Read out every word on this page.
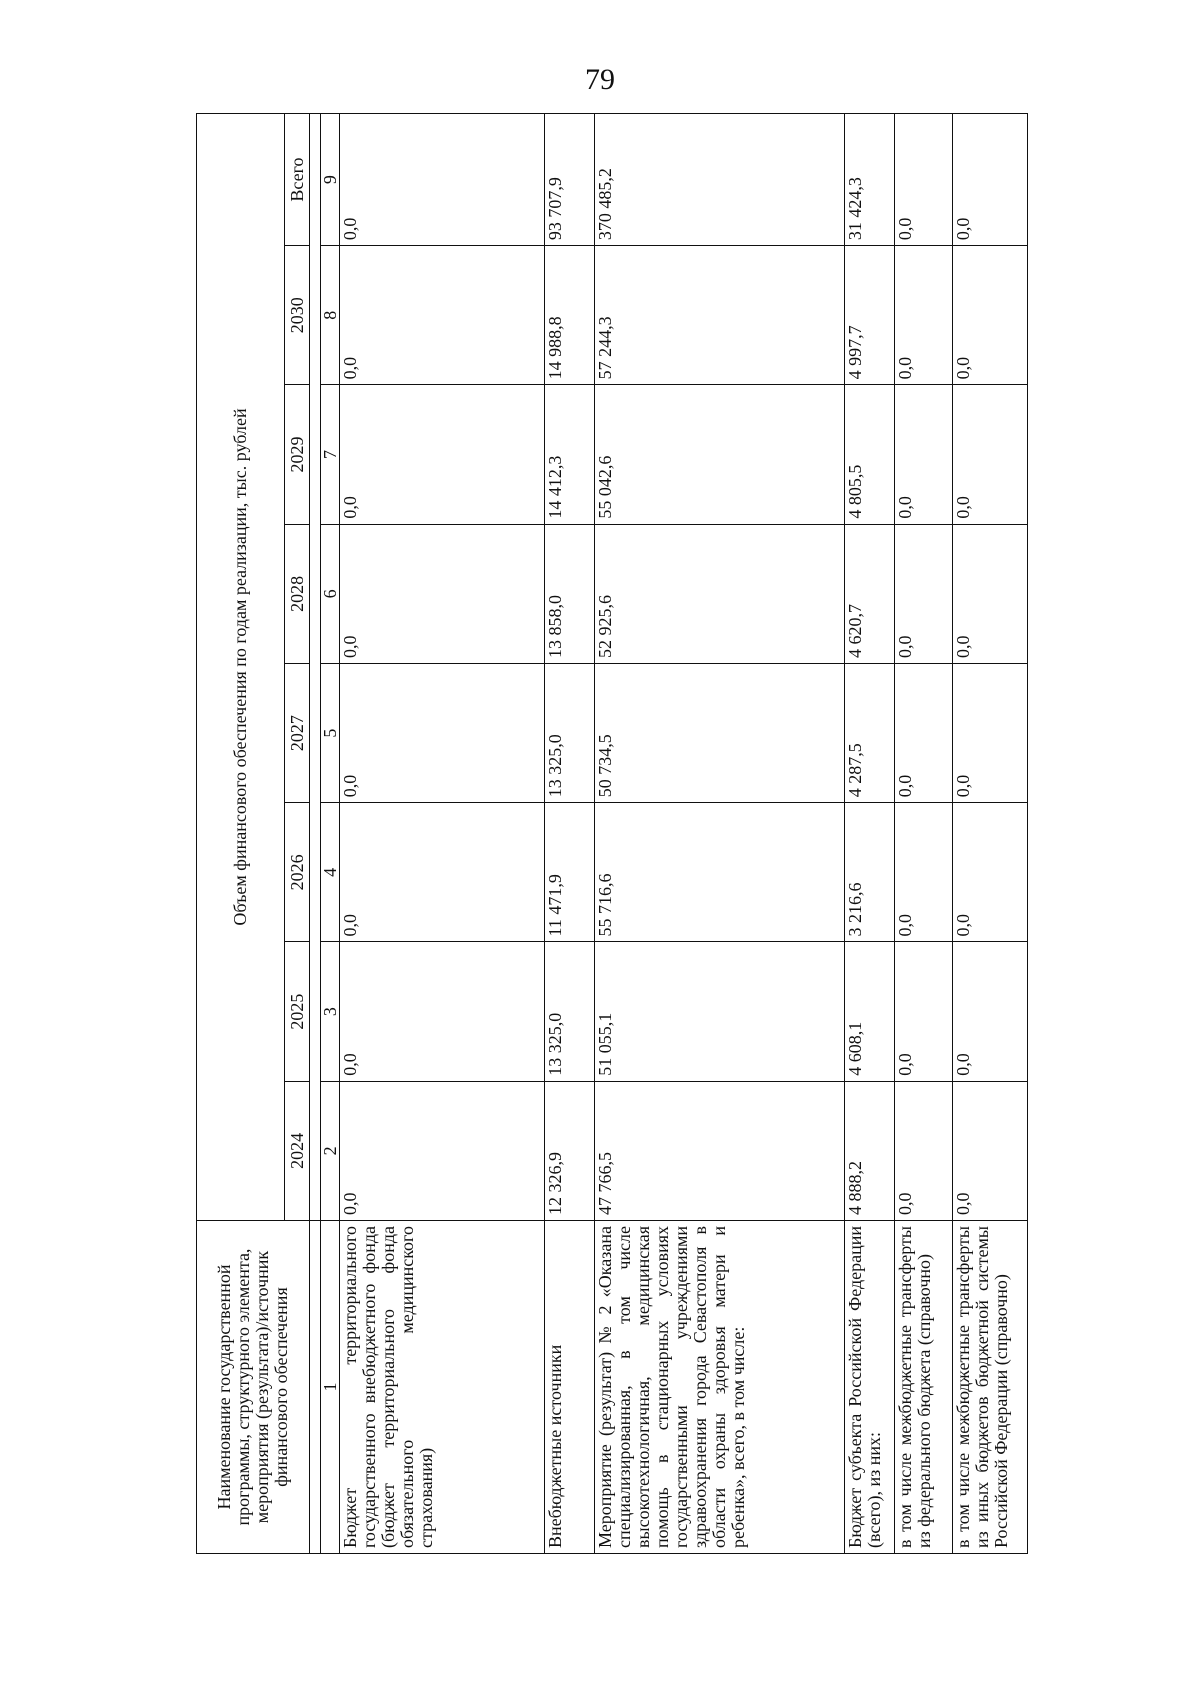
79
Наименование государственной программы, структурного элемента, мероприятия (результата)/источник финансового обеспечения	Объем финансового обеспечения по годам реализации, тыс. рублей							
	2024	2025	2026	2027	2028	2029	2030	Всего

1	2	3	4	5	6	7	8	9
Бюджет территориального государственного внебюджетного фонда (бюджет территориального фонда обязательного медицинского страхования)	0,0	0,0	0,0	0,0	0,0	0,0	0,0	0,0
Внебюджетные источники	12 326,9	13 325,0	11 471,9	13 325,0	13 858,0	14 412,3	14 988,8	93 707,9
Мероприятие (результат) № 2 «Оказана специализированная, в том числе высокотехнологичная, медицинская помощь в стационарных условиях государственными учреждениями здравоохранения города Севастополя в области охраны здоровья матери и ребенка», всего, в том числе:	47 766,5	51 055,1	55 716,6	50 734,5	52 925,6	55 042,6	57 244,3	370 485,2
Бюджет субъекта Российской Федерации (всего), из них:	4 888,2	4 608,1	3 216,6	4 287,5	4 620,7	4 805,5	4 997,7	31 424,3
в том числе межбюджетные трансферты из федерального бюджета (справочно)	0,0	0,0	0,0	0,0	0,0	0,0	0,0	0,0
в том числе межбюджетные трансферты из иных бюджетов бюджетной системы Российской Федерации (справочно)	0,0	0,0	0,0	0,0	0,0	0,0	0,0	0,0
